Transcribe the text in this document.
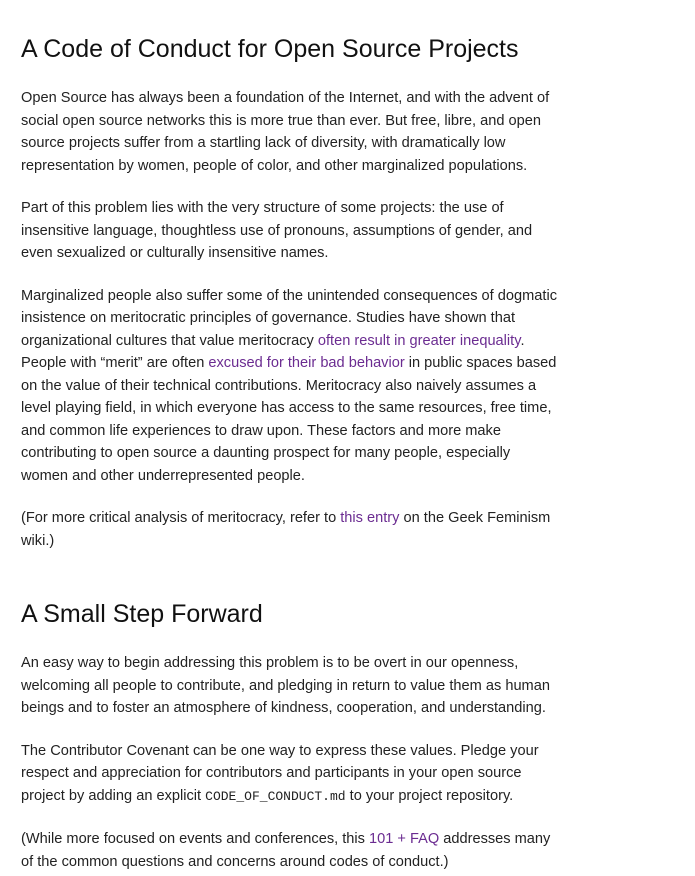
A Code of Conduct for Open Source Projects

Open Source has always been a foundation of the Internet, and with the advent of social open source networks this is more true than ever. But free, libre, and open source projects suffer from a startling lack of diversity, with dramatically low representation by women, people of color, and other marginalized populations.

Part of this problem lies with the very structure of some projects: the use of insensitive language, thoughtless use of pronouns, assumptions of gender, and even sexualized or culturally insensitive names.

Marginalized people also suffer some of the unintended consequences of dogmatic insistence on meritocratic principles of governance. Studies have shown that organizational cultures that value meritocracy often result in greater inequality. People with “merit” are often excused for their bad behavior in public spaces based on the value of their technical contributions. Meritocracy also naively assumes a level playing field, in which everyone has access to the same resources, free time, and common life experiences to draw upon. These factors and more make contributing to open source a daunting prospect for many people, especially women and other underrepresented people.

(For more critical analysis of meritocracy, refer to this entry on the Geek Feminism wiki.)

A Small Step Forward

An easy way to begin addressing this problem is to be overt in our openness, welcoming all people to contribute, and pledging in return to value them as human beings and to foster an atmosphere of kindness, cooperation, and understanding.

The Contributor Covenant can be one way to express these values. Pledge your respect and appreciation for contributors and participants in your open source project by adding an explicit CODE_OF_CONDUCT.md to your project repository.

(While more focused on events and conferences, this 101 + FAQ addresses many of the common questions and concerns around codes of conduct.)
